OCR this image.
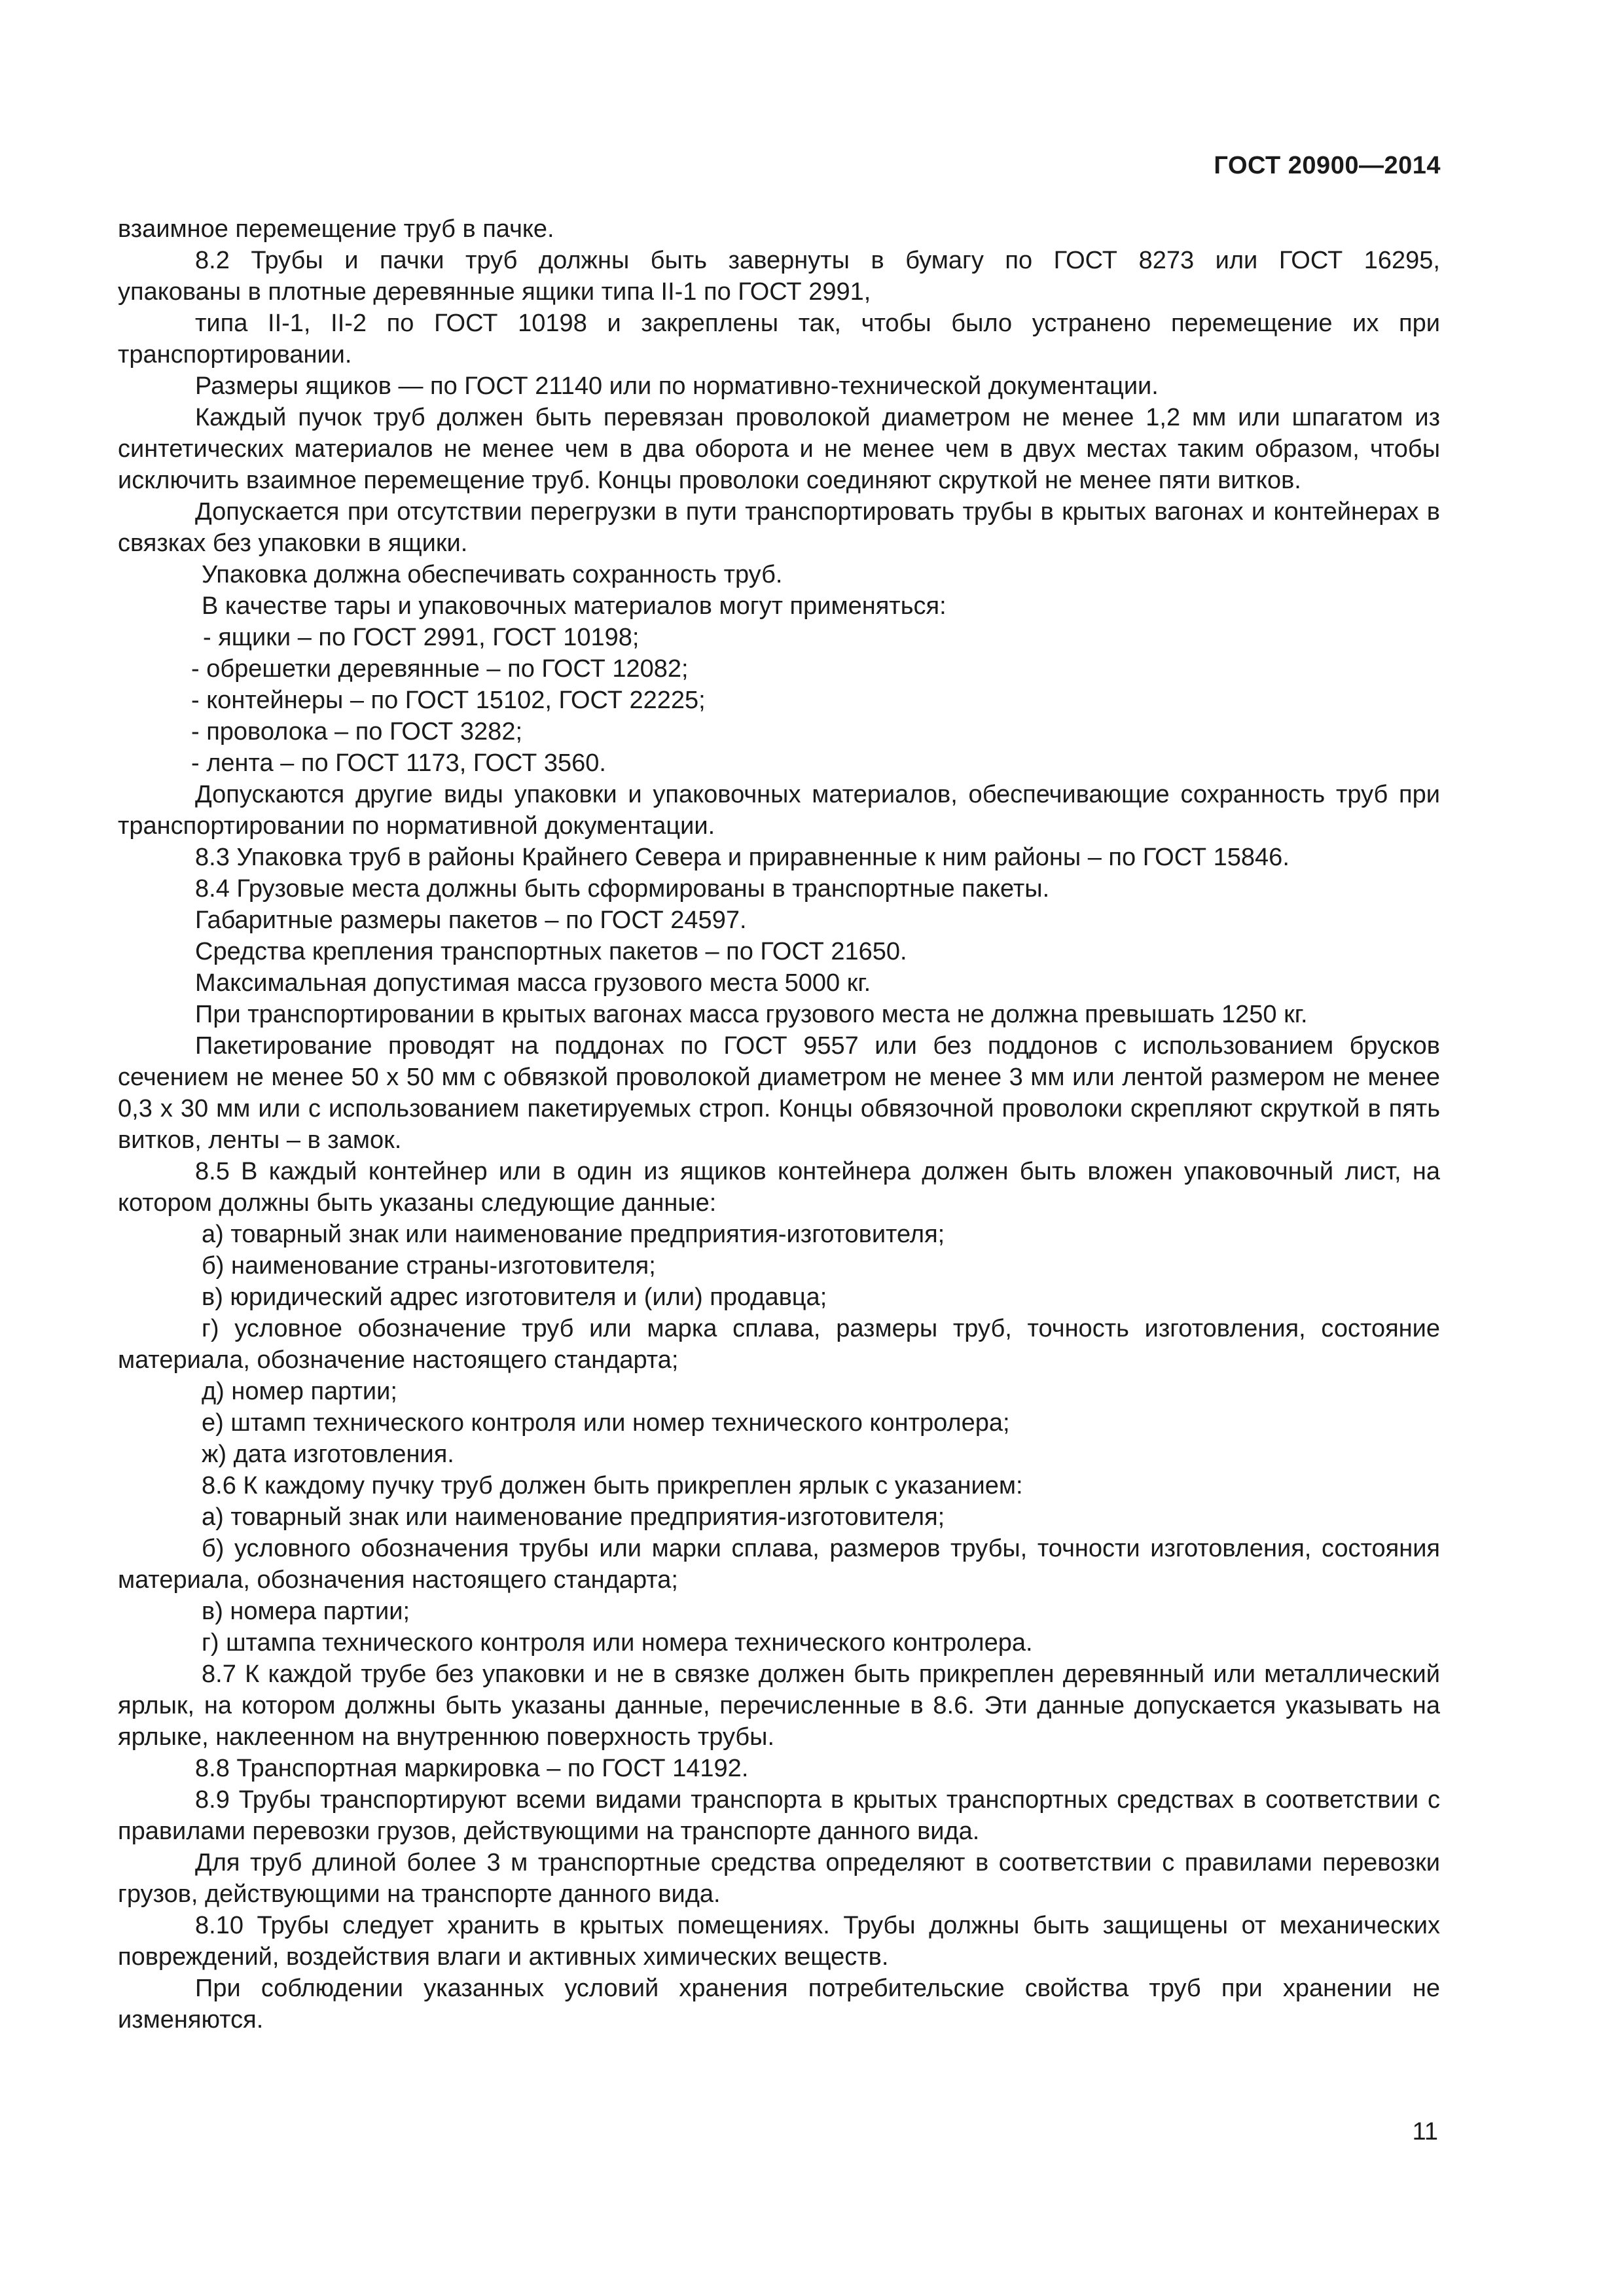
ГОСТ 20900—2014

взаимное перемещение труб в пачке.

8.2 Трубы и пачки труб должны быть завернуты в бумагу по ГОСТ 8273 или ГОСТ 16295,

упакованы в плотные деревянные ящики типа II-1 по ГОСТ 2991,

типа II-1, II-2 по ГОСТ 10198 и закреплены так, чтобы было устранено перемещение их при транспортировании.

Размеры ящиков — по ГОСТ 21140 или по нормативно-технической документации.

Каждый пучок труб должен быть перевязан проволокой диаметром не менее 1,2 мм или шпагатом из синтетических материалов не менее чем в два оборота и не менее чем в двух местах таким образом, чтобы исключить взаимное перемещение труб. Концы проволоки соединяют скруткой не менее пяти витков.

Допускается при отсутствии перегрузки в пути транспортировать трубы в крытых вагонах и контейнерах в связках без упаковки в ящики.

Упаковка должна обеспечивать сохранность труб.

В качестве тары и упаковочных материалов могут применяться:

- ящики – по ГОСТ 2991, ГОСТ 10198;

- обрешетки деревянные – по ГОСТ 12082;

- контейнеры – по ГОСТ 15102, ГОСТ 22225;

- проволока – по ГОСТ 3282;

- лента – по ГОСТ 1173, ГОСТ 3560.

Допускаются другие виды упаковки и упаковочных материалов, обеспечивающие сохранность труб при транспортировании по нормативной документации.

8.3 Упаковка труб в районы Крайнего Севера и приравненные к ним районы – по ГОСТ 15846.

8.4 Грузовые места должны быть сформированы в транспортные пакеты.

Габаритные размеры пакетов – по ГОСТ 24597.

Средства крепления транспортных пакетов – по ГОСТ 21650.

Максимальная допустимая масса грузового места 5000 кг.

При транспортировании в крытых вагонах масса грузового места не должна превышать 1250 кг.

Пакетирование проводят на поддонах по ГОСТ 9557 или без поддонов с использованием брусков сечением не менее 50 х 50 мм с обвязкой проволокой диаметром не менее 3 мм или лентой размером не менее 0,3 х 30 мм или с использованием пакетируемых строп. Концы обвязочной проволоки скрепляют скруткой в пять витков, ленты – в замок.

8.5 В каждый контейнер или в один из ящиков контейнера должен быть вложен упаковочный лист, на котором должны быть указаны следующие данные:

а) товарный знак или наименование предприятия-изготовителя;

б) наименование страны-изготовителя;

в) юридический адрес изготовителя и (или) продавца;

г) условное обозначение труб или марка сплава, размеры труб, точность изготовления, состояние материала, обозначение настоящего стандарта;

д) номер партии;

е) штамп технического контроля или номер технического контролера;

ж) дата изготовления.

8.6 К каждому пучку труб должен быть прикреплен ярлык с указанием:

а) товарный знак или наименование предприятия-изготовителя;

б) условного обозначения трубы или марки сплава, размеров трубы, точности изготовления, состояния материала, обозначения настоящего стандарта;

в) номера партии;

г) штампа технического контроля или номера технического контролера.

8.7 К каждой трубе без упаковки и не в связке должен быть прикреплен деревянный или металлический ярлык, на котором должны быть указаны данные, перечисленные в 8.6. Эти данные допускается указывать на ярлыке, наклеенном на внутреннюю поверхность трубы.

8.8 Транспортная маркировка – по ГОСТ 14192.

8.9 Трубы транспортируют всеми видами транспорта в крытых транспортных средствах в соответствии с правилами перевозки грузов, действующими на транспорте данного вида.

Для труб длиной более 3 м транспортные средства определяют в соответствии с правилами перевозки грузов, действующими на транспорте данного вида.

8.10 Трубы следует хранить в крытых помещениях. Трубы должны быть защищены от механических повреждений, воздействия влаги и активных химических веществ.

При соблюдении указанных условий хранения потребительские свойства труб при хранении не изменяются.

11
